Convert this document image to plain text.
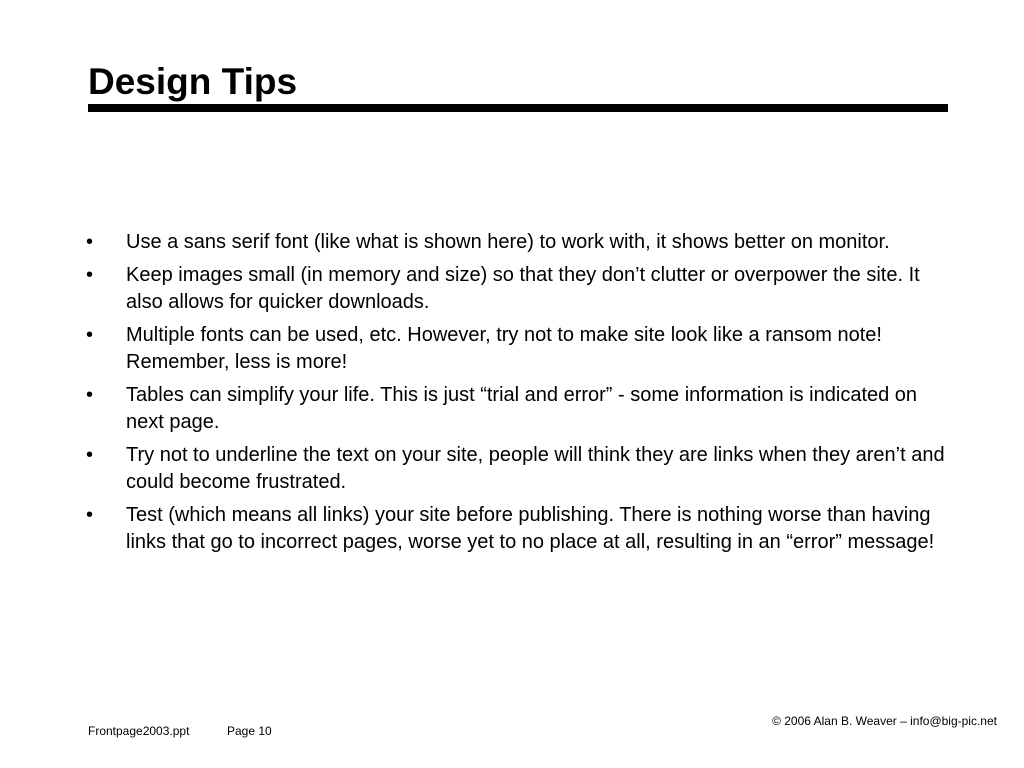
Design Tips
•	Use a sans serif font (like what is shown here) to work with, it shows better on monitor.
•	Keep images small (in memory and size) so that they don’t clutter or overpower the site. It also allows for quicker downloads.
•	Multiple fonts can be used, etc. However, try not to make site look like a ransom note! Remember, less is more!
•	Tables can simplify your life. This is just “trial and error” - some information is indicated on next page.
•	Try not to underline the text on your site, people will think they are links when they aren’t and could become frustrated.
•	Test (which means all links) your site before publishing. There is nothing worse than having links that go to incorrect pages, worse yet to no place at all, resulting in an “error” message!
Frontpage2003.ppt	Page 10
© 2006 Alan B. Weaver – info@big-pic.net
